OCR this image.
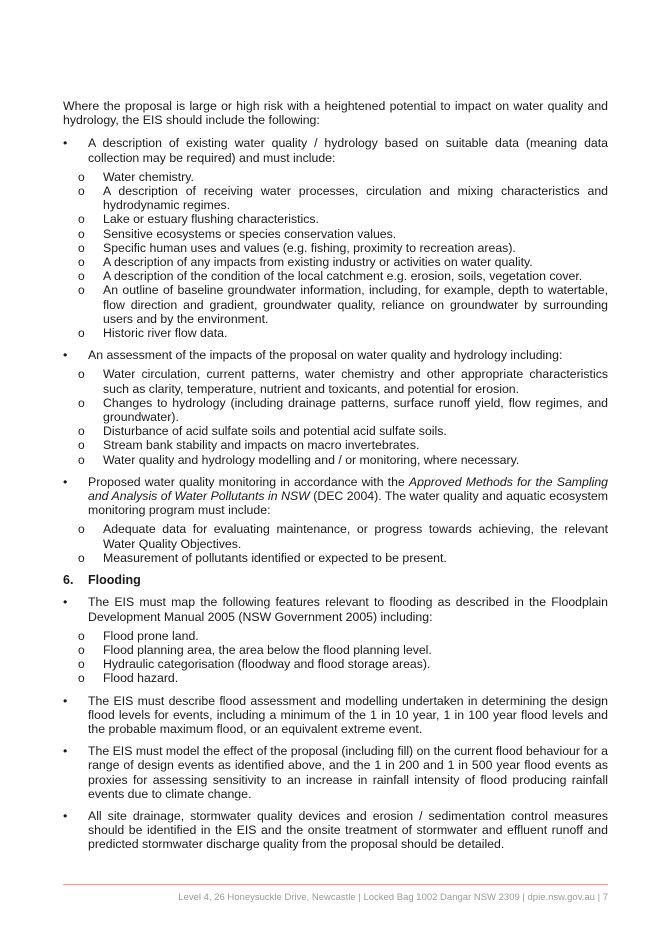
Where the proposal is large or high risk with a heightened potential to impact on water quality and hydrology, the EIS should include the following:

•	A description of existing water quality / hydrology based on suitable data (meaning data collection may be required) and must include:
o Water chemistry.
o A description of receiving water processes, circulation and mixing characteristics and hydrodynamic regimes.
o Lake or estuary flushing characteristics.
o Sensitive ecosystems or species conservation values.
o Specific human uses and values (e.g. fishing, proximity to recreation areas).
o A description of any impacts from existing industry or activities on water quality.
o A description of the condition of the local catchment e.g. erosion, soils, vegetation cover.
o An outline of baseline groundwater information, including, for example, depth to watertable, flow direction and gradient, groundwater quality, reliance on groundwater by surrounding users and by the environment.
o Historic river flow data.
•	An assessment of the impacts of the proposal on water quality and hydrology including:
o Water circulation, current patterns, water chemistry and other appropriate characteristics such as clarity, temperature, nutrient and toxicants, and potential for erosion.
o Changes to hydrology (including drainage patterns, surface runoff yield, flow regimes, and groundwater).
o Disturbance of acid sulfate soils and potential acid sulfate soils.
o Stream bank stability and impacts on macro invertebrates.
o Water quality and hydrology modelling and / or monitoring, where necessary.
•	Proposed water quality monitoring in accordance with the Approved Methods for the Sampling and Analysis of Water Pollutants in NSW (DEC 2004). The water quality and aquatic ecosystem monitoring program must include:
o Adequate data for evaluating maintenance, or progress towards achieving, the relevant Water Quality Objectives.
o Measurement of pollutants identified or expected to be present.
6. Flooding
•	The EIS must map the following features relevant to flooding as described in the Floodplain Development Manual 2005 (NSW Government 2005) including:
o Flood prone land.
o Flood planning area, the area below the flood planning level.
o Hydraulic categorisation (floodway and flood storage areas).
o Flood hazard.
•	The EIS must describe flood assessment and modelling undertaken in determining the design flood levels for events, including a minimum of the 1 in 10 year, 1 in 100 year flood levels and the probable maximum flood, or an equivalent extreme event.
•	The EIS must model the effect of the proposal (including fill) on the current flood behaviour for a range of design events as identified above, and the 1 in 200 and 1 in 500 year flood events as proxies for assessing sensitivity to an increase in rainfall intensity of flood producing rainfall events due to climate change.
•	All site drainage, stormwater quality devices and erosion / sedimentation control measures should be identified in the EIS and the onsite treatment of stormwater and effluent runoff and predicted stormwater discharge quality from the proposal should be detailed.
Level 4, 26 Honeysuckle Drive, Newcastle | Locked Bag 1002 Dangar NSW 2309 | dpie.nsw.gov.au | 7
